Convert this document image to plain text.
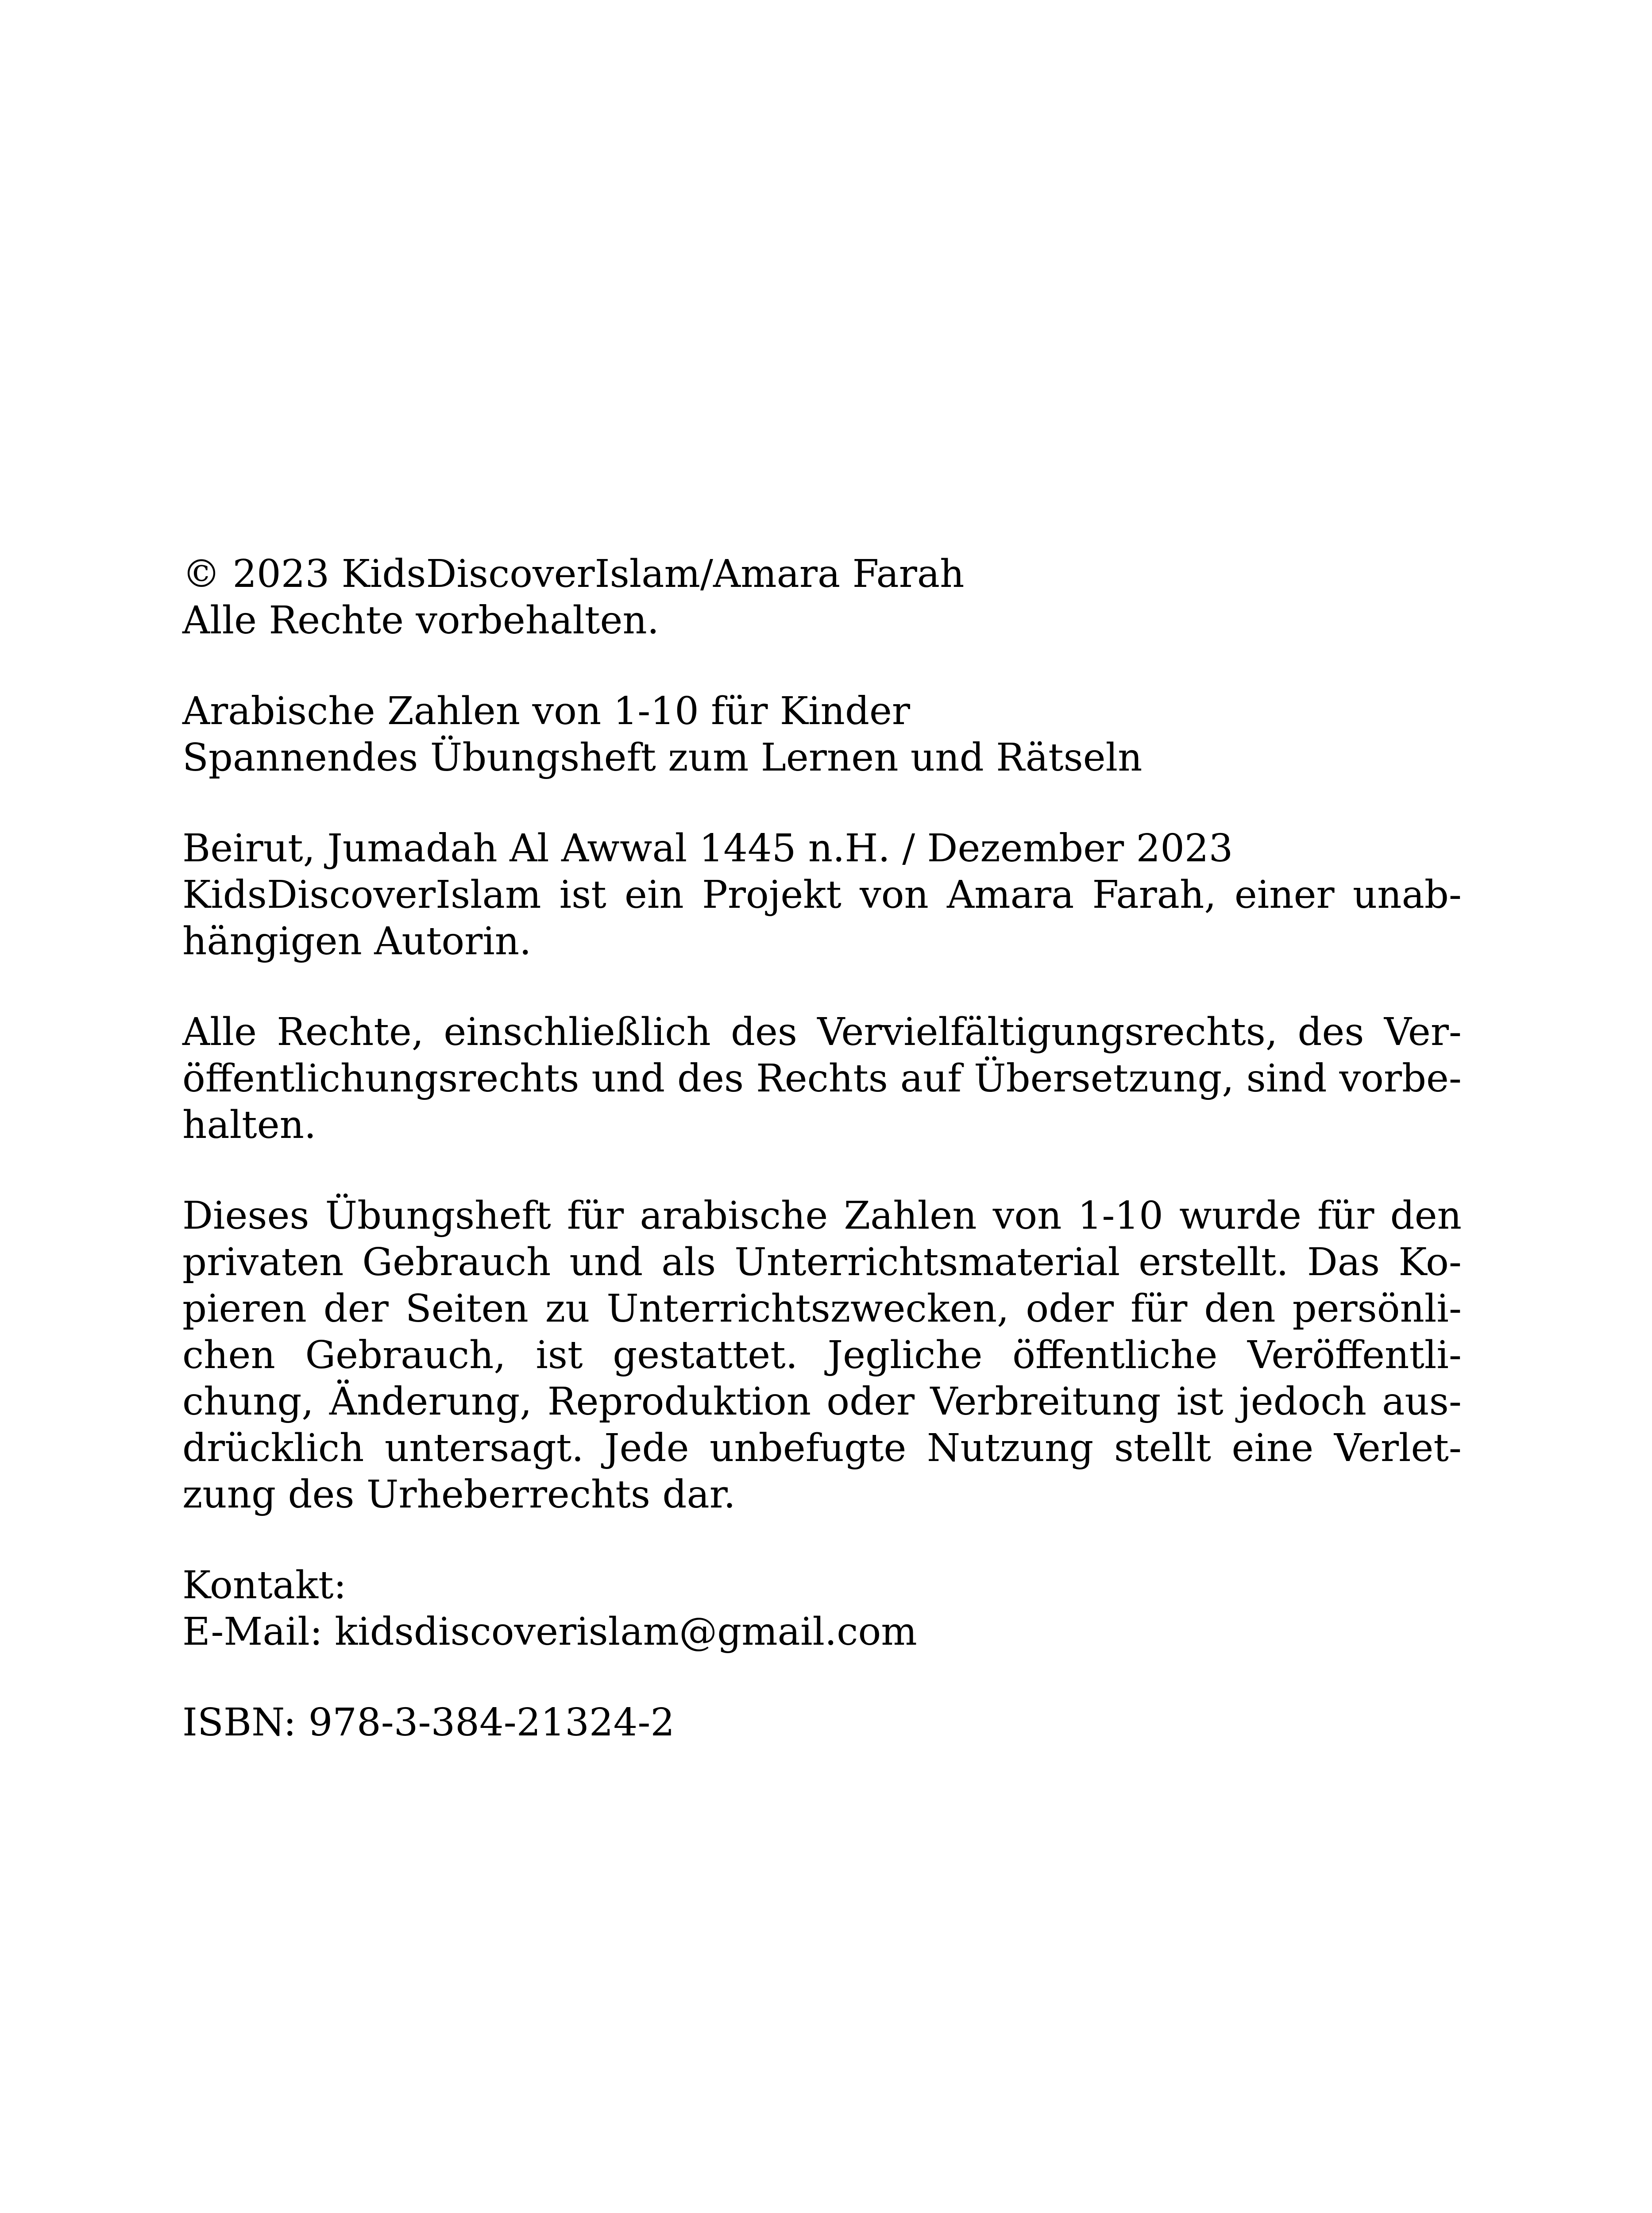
© 2023 KidsDiscoverIslam/Amara Farah
Alle Rechte vorbehalten.
Arabische Zahlen von 1-10 für Kinder
Spannendes Übungsheft zum Lernen und Rätseln
Beirut, Jumadah Al Awwal 1445 n.H. / Dezember 2023
KidsDiscoverIslam ist ein Projekt von Amara Farah, einer unab-
hängigen Autorin.
Alle Rechte, einschließlich des Vervielfältigungsrechts, des Ver-
öffentlichungsrechts und des Rechts auf Übersetzung, sind vorbe-
halten.
Dieses Übungsheft für arabische Zahlen von 1-10 wurde für den
privaten Gebrauch und als Unterrichtsmaterial erstellt. Das Ko-
pieren der Seiten zu Unterrichtszwecken, oder für den persönli-
chen Gebrauch, ist gestattet. Jegliche öffentliche Veröffentli-
chung, Änderung, Reproduktion oder Verbreitung ist jedoch aus-
drücklich untersagt. Jede unbefugte Nutzung stellt eine Verlet-
zung des Urheberrechts dar.
Kontakt:
E-Mail: kidsdiscoverislam@gmail.com
ISBN: 978-3-384-21324-2
